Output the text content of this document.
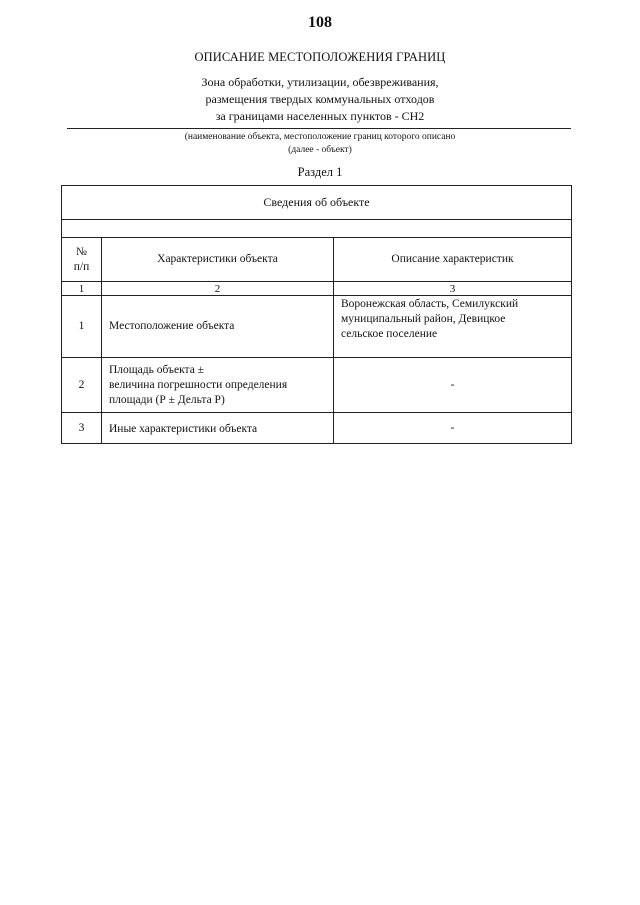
108
ОПИСАНИЕ МЕСТОПОЛОЖЕНИЯ ГРАНИЦ
Зона обработки, утилизации, обезвреживания,
размещения твердых коммунальных отходов
за границами населенных пунктов - СН2
(наименование объекта, местоположение границ которого описано
(далее - объект)
Раздел 1
Сведения об объекте		

№
п/п	Характеристики объекта	Описание характеристик
1	2	3
1	Местоположение объекта	Воронежская область, Семилукский
муниципальный район, Девицкое
сельское поселение

2	Площадь объекта ±
величина погрешности определения
площади (Р ± Дельта Р)	-
3	Иные характеристики объекта	-
